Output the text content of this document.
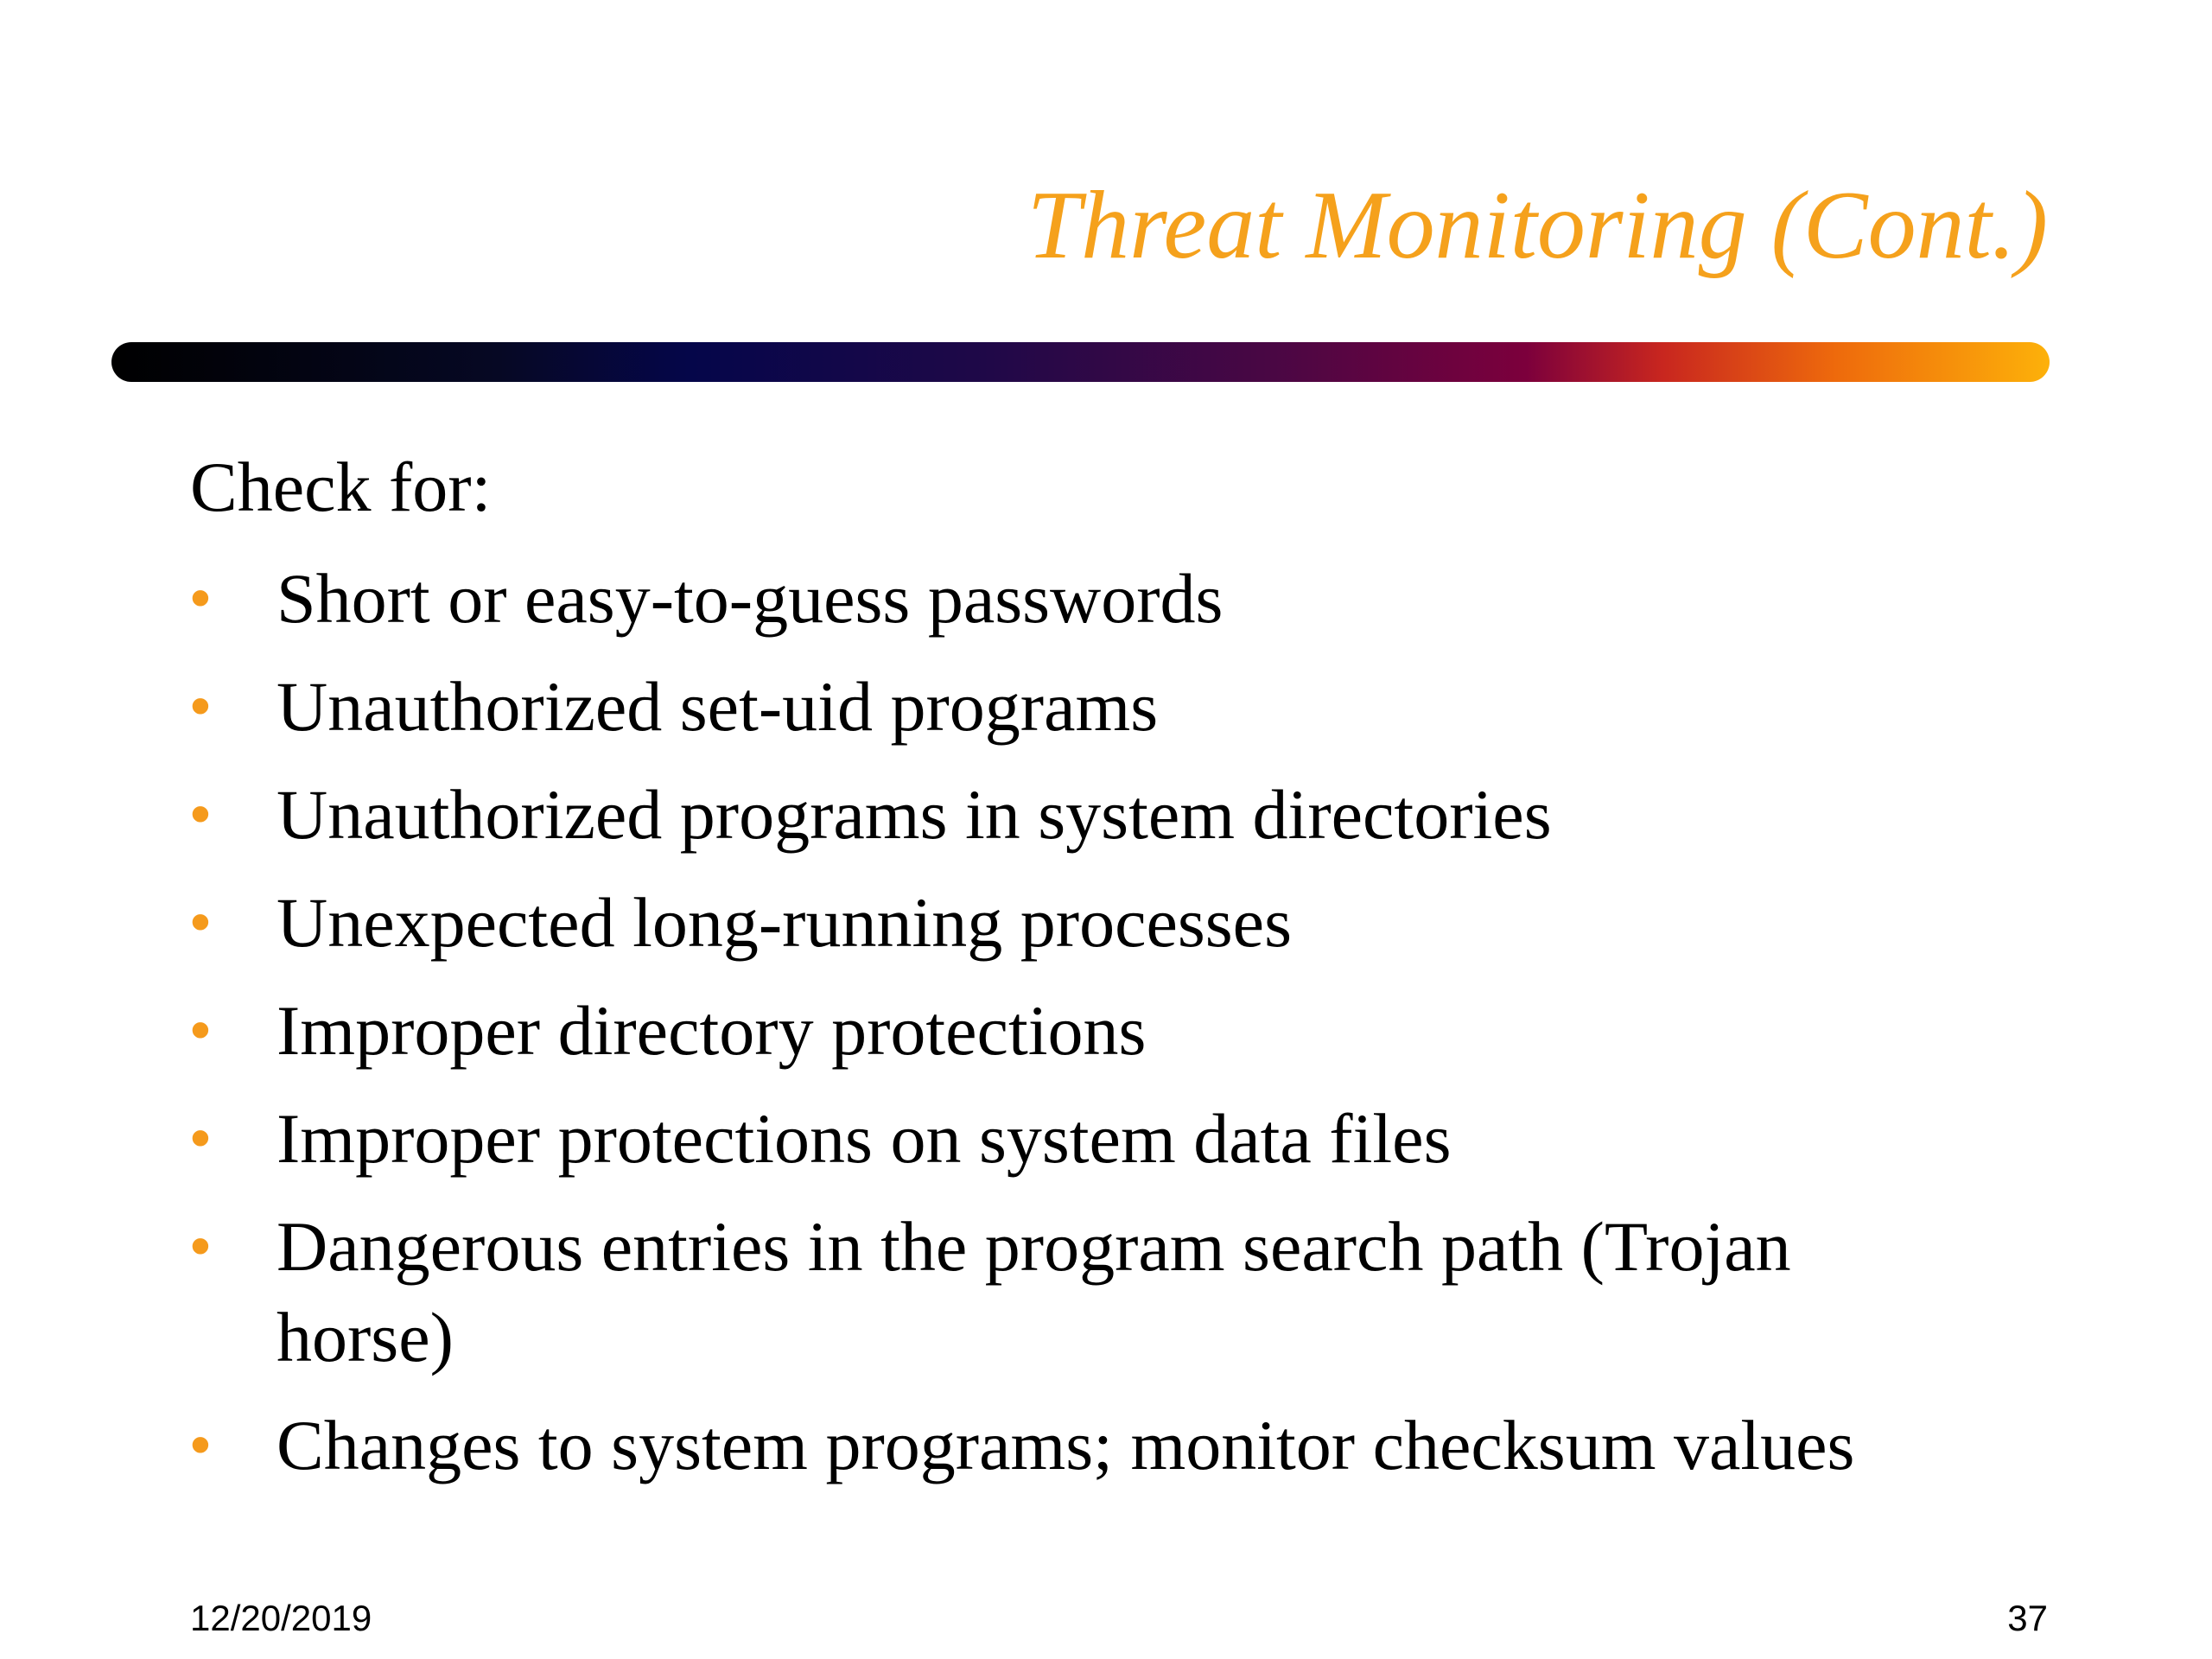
Threat Monitoring (Cont.)
Check for:
• Short or easy-to-guess passwords
• Unauthorized set-uid programs
• Unauthorized programs in system directories
• Unexpected long-running processes
• Improper directory protections
• Improper protections on system data files
• Dangerous entries in the program search path (Trojan
horse)
• Changes to system programs; monitor checksum values
12/20/2019	37
